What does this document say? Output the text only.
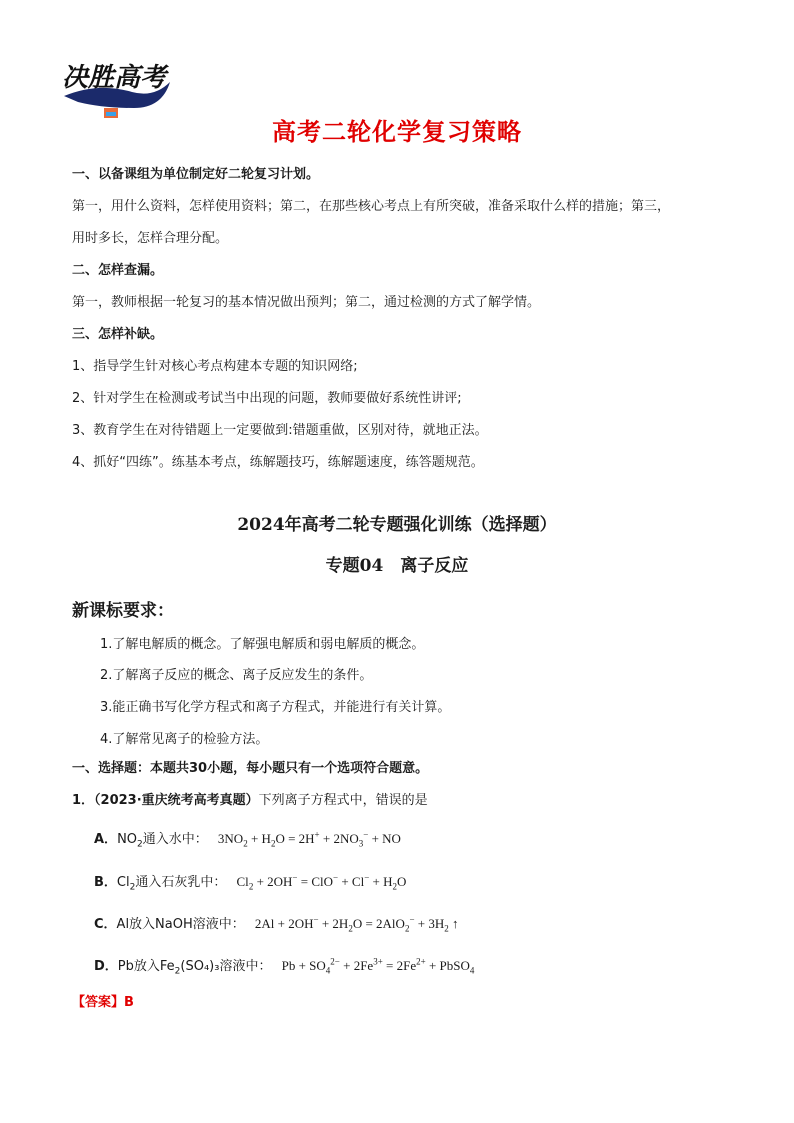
决胜高考
高考二轮化学复习策略
一、以备课组为单位制定好二轮复习计划。
第一，用什么资料，怎样使用资料；第二，在那些核心考点上有所突破，准备采取什么样的措施；第三，
用时多长，怎样合理分配。
二、怎样查漏。
第一，教师根据一轮复习的基本情况做出预判；第二，通过检测的方式了解学情。
三、怎样补缺。
1、指导学生针对核心考点构建本专题的知识网络;
2、针对学生在检测或考试当中出现的问题，教师要做好系统性讲评;
3、教育学生在对待错题上一定要做到:错题重做，区别对待，就地正法。
4、抓好“四练”。练基本考点，练解题技巧，练解题速度，练答题规范。
2024年高考二轮专题强化训练（选择题）
专题04　离子反应
新课标要求：
1.了解电解质的概念。了解强电解质和弱电解质的概念。
2.了解离子反应的概念、离子反应发生的条件。
3.能正确书写化学方程式和离子方程式，并能进行有关计算。
4.了解常见离子的检验方法。
一、选择题：本题共30小题，每小题只有一个选项符合题意。
1．（2023·重庆统考高考真题）下列离子方程式中，错误的是
A．$NO_2$通入水中： $3NO_2 + H_2O = 2H^+ + 2NO_3^-$ + NO
B．$Cl_2$通入石灰乳中： $Cl_2 + 2OH^- = ClO^- + Cl^- + H_2O$
C．Al放入NaOH溶液中： $2Al + 2OH^- + 2H_2O = 2AlO_2^- + 3H_2$ ↑
D．Pb放入$Fe_2(SO_4)_3$溶液中： $Pb + SO_4^{2-} + 2Fe^{3+} = 2Fe^{2+}$ + PbSO$_4$
【答案】B
